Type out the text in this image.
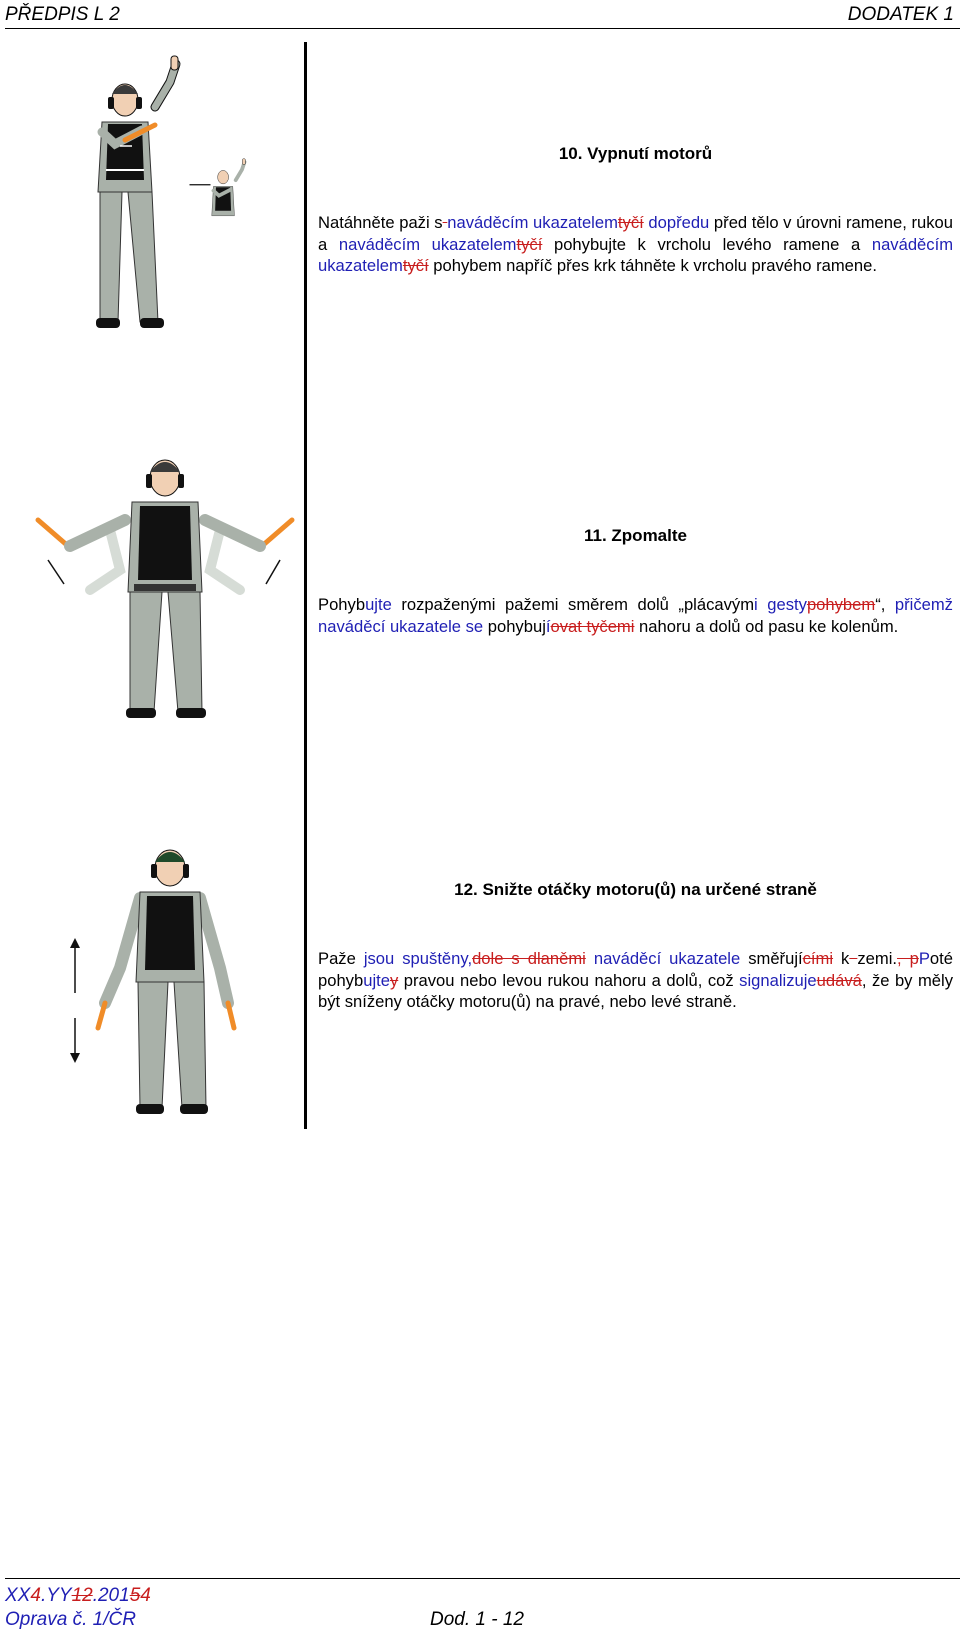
PŘEDPIS L 2	DODATEK 1
10. Vypnutí motorů
Natáhněte paži s naváděcím ukazatelemtyčí dopředu před tělo v úrovni ramene, rukou a naváděcím ukazatelemtyčí pohybujte k vrcholu levého ramene a naváděcím ukazatelemtyčí pohybem napříč přes krk táhněte k vrcholu pravého ramene.
11. Zpomalte
Pohybujte rozpaženými pažemi směrem dolů „plácavými gestypohybem“, přičemž naváděcí ukazatele se pohybujíovat tyčemi nahoru a dolů od pasu ke kolenům.
12. Snižte otáčky motoru(ů) na určené straně
Paže jsou spuštěny,dole s dlaněmi naváděcí ukazatele směřujícími k zemi., pPoté pohybujtey pravou nebo levou rukou nahoru a dolů, což signalizujeudává, že by měly být sníženy otáčky motoru(ů) na pravé, nebo levé straně.
XX4.YY12.20154
Oprava č. 1/ČR	Dod. 1 - 12
